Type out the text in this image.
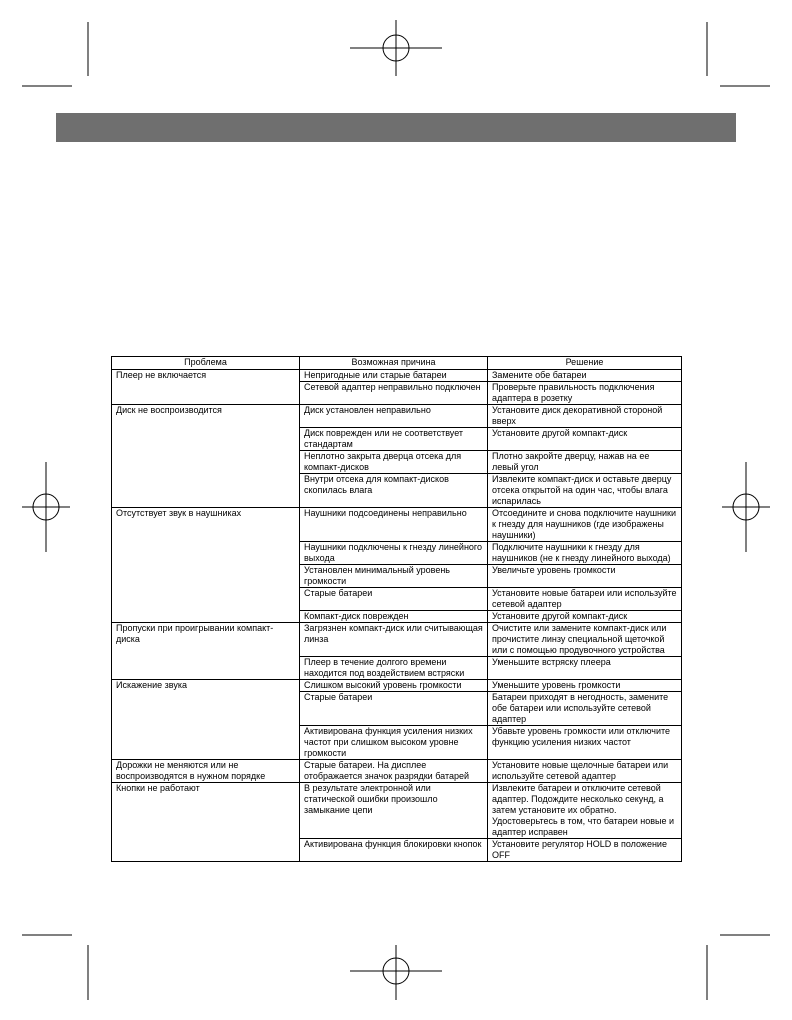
Проблема	Возможная причина	Решение
Плеер не включается	Непригодные или старые батареи	Замените обе батареи
	Сетевой адаптер неправильно подключен	Проверьте правильность подключения адаптера в розетку
Диск не воспроизводится	Диск установлен неправильно	Установите диск декоративной стороной вверх
	Диск поврежден или не соответствует стандартам	Установите другой компакт-диск
	Неплотно закрыта дверца отсека для компакт-дисков	Плотно закройте дверцу, нажав на ее левый угол
	Внутри отсека для компакт-дисков скопилась влага	Извлеките компакт-диск и оставьте дверцу отсека открытой на один час, чтобы влага испарилась
Отсутствует звук в наушниках	Наушники подсоединены неправильно	Отсоедините и снова подключите наушники к гнезду для наушников (где изображены наушники)
	Наушники подключены к гнезду линейного выхода	Подключите наушники к гнезду для наушников (не к гнезду линейного выхода)
	Установлен минимальный уровень громкости	Увеличьте уровень громкости
	Старые батареи	Установите новые батареи или используйте сетевой адаптер
	Компакт-диск поврежден	Установите другой компакт-диск
Пропуски при проигрывании компакт-диска	Загрязнен компакт-диск или считывающая линза	Очистите или замените компакт-диск или прочистите линзу специальной щеточкой или с помощью продувочного устройства
	Плеер в течение долгого времени находится под воздействием встряски	Уменьшите встряску плеера
Искажение звука	Слишком высокий уровень громкости	Уменьшите уровень громкости
	Старые батареи	Батареи приходят в негодность, замените обе батареи или используйте сетевой адаптер
	Активирована функция усиления низких частот при слишком высоком уровне громкости	Убавьте уровень громкости или отключите функцию усиления низких частот
Дорожки не меняются или не воспроизводятся в нужном порядке	Старые батареи. На дисплее отображается значок разрядки батарей	Установите новые щелочные батареи или используйте сетевой адаптер
Кнопки не работают	В результате электронной или статической ошибки произошло замыкание цепи	Извлеките батареи и отключите сетевой адаптер. Подождите несколько секунд, а затем установите их обратно. Удостоверьтесь в том, что батареи новые и адаптер исправен
	Активирована функция блокировки кнопок	Установите регулятор HOLD в положение OFF
